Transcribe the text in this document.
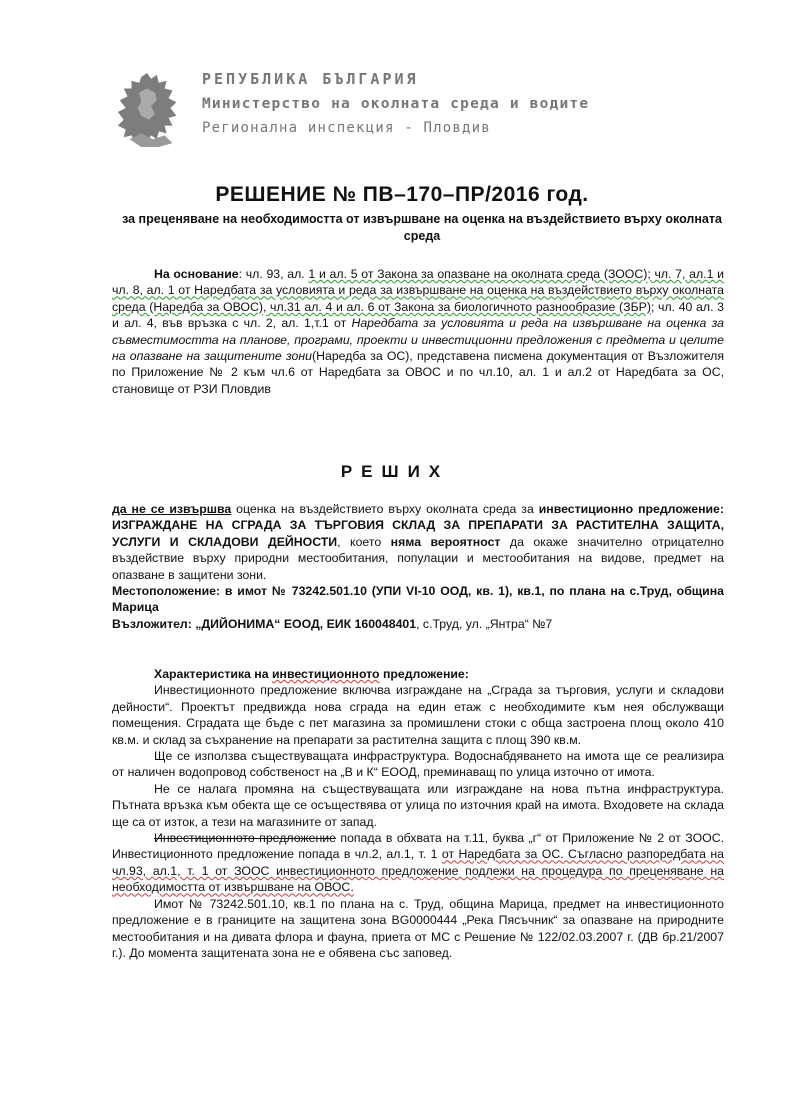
РЕПУБЛИКА БЪЛГАРИЯ
Министерство на околната среда и водите
Регионална инспекция - Пловдив
РЕШЕНИЕ № ПВ–170–ПР/2016 год.
за преценяване на необходимостта от извършване на оценка на въздействието върху околната среда

На основание: чл. 93, ал. 1 и ал. 5 от Закона за опазване на околната среда (ЗООС); чл. 7, ал.1 и чл. 8, ал. 1 от Наредбата за условията и реда за извършване на оценка на въздействието върху околната среда (Наредба за ОВОС), чл.31 ал. 4 и ал. 6 от Закона за биологичното разнообразие (ЗБР); чл. 40 ал. 3 и ал. 4, във връзка с чл. 2, ал. 1,т.1 от Наредбата за условията и реда на извършване на оценка за съвместимостта на планове, програми, проекти и инвестиционни предложения с предмета и целите на опазване на защитените зони(Наредба за ОС), представена писмена документация от Възложителя по Приложение № 2 към чл.6 от Наредбата за ОВОС и по чл.10, ал. 1 и ал.2 от Наредбата за ОС, становище от РЗИ Пловдив

РЕШИХ

да не се извършва оценка на въздействието върху околната среда за инвестиционно предложение: ИЗГРАЖДАНЕ НА СГРАДА ЗА ТЪРГОВИЯ СКЛАД ЗА ПРЕПАРАТИ ЗА РАСТИТЕЛНА ЗАЩИТА, УСЛУГИ И СКЛАДОВИ ДЕЙНОСТИ, което няма вероятност да окаже значително отрицателно въздействие върху природни местообитания, популации и местообитания на видове, предмет на опазване в защитени зони.

Местоположение: в имот № 73242.501.10 (УПИ VI-10 ООД, кв. 1), кв.1, по плана на с.Труд, община Марица

Възложител: „ДИЙОНИМА“ ЕООД, ЕИК 160048401, с.Труд, ул. „Янтра“ №7

Характеристика на инвестиционното предложение:

Инвестиционното предложение включва изграждане на „Сграда за търговия, услуги и складови дейности“. Проектът предвижда нова сграда на един етаж с необходимите към нея обслужващи помещения. Сградата ще бъде с пет магазина за промишлени стоки с обща застроена площ около 410 кв.м. и склад за съхранение на препарати за растителна защита с площ 390 кв.м.

Ще се използва съществуващата инфраструктура. Водоснабдяването на имота ще се реализира от наличен водопровод собственост на „В и К“ ЕООД, преминаващ по улица източно от имота.

Не се налага промяна на съществуващата или изграждане на нова пътна инфраструктура. Пътната връзка към обекта ще се осъществява от улица по източния край на имота. Входовете на склада ще са от изток, а тези на магазините от запад.

Инвестиционното предложение попада в обхвата на т.11, буква „г“ от Приложение № 2 от ЗООС. Инвестиционното предложение попада в чл.2, ал.1, т. 1 от Наредбата за ОС. Съгласно разпоредбата на чл.93, ал.1, т. 1 от ЗООС инвестиционното предложение подлежи на процедура по преценяване на необходимостта от извършване на ОВОС.

Имот № 73242.501.10, кв.1 по плана на с. Труд, община Марица, предмет на инвестиционното предложение е в границите на защитена зона BG0000444 „Река Пясъчник“ за опазване на природните местообитания и на дивата флора и фауна, приета от МС с Решение № 122/02.03.2007 г. (ДВ бр.21/2007 г.). До момента защитената зона не е обявена със заповед.
